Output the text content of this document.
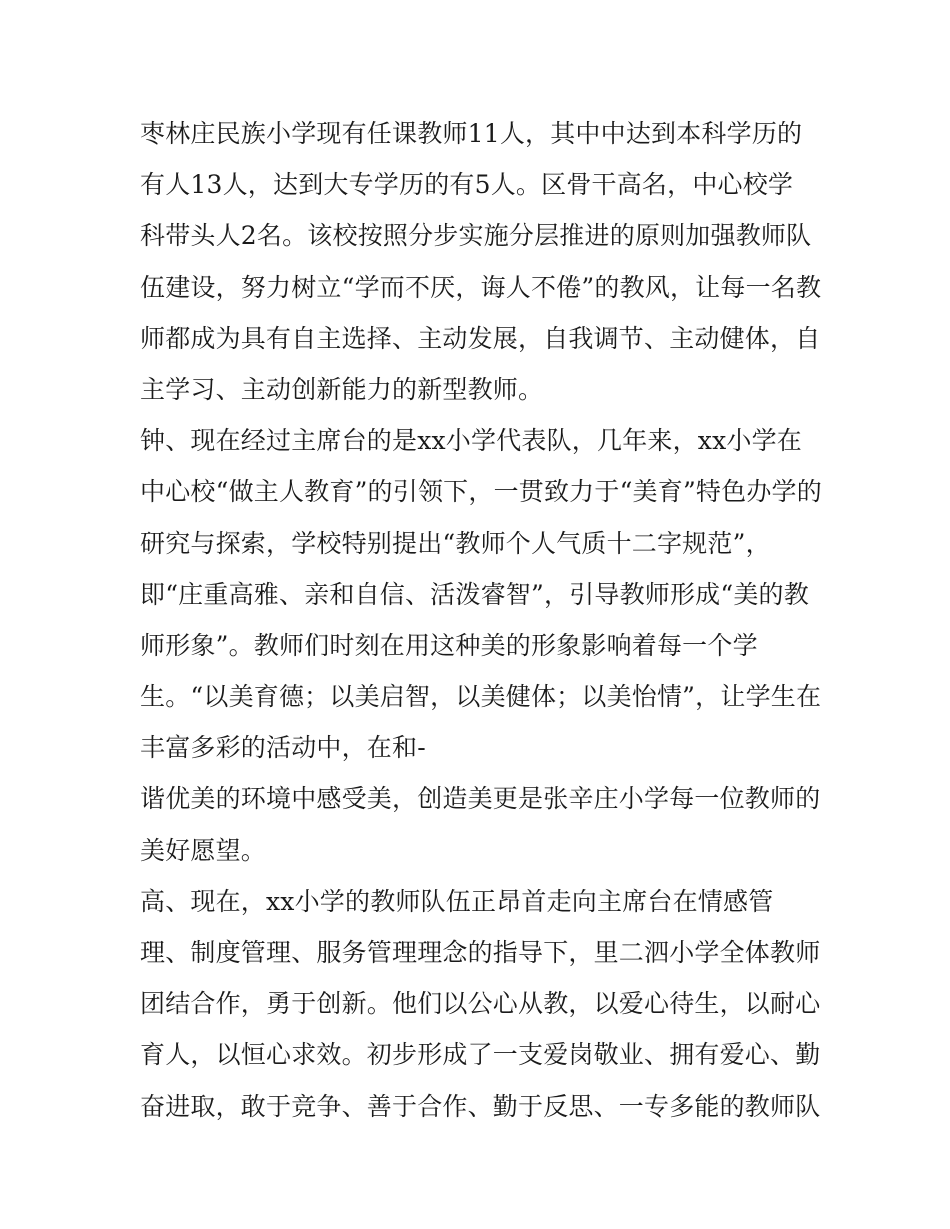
枣林庄民族小学现有任课教师11人，其中中达到本科学历的
有人13人，达到大专学历的有5人。区骨干高名，中心校学
科带头人2名。该校按照分步实施分层推进的原则加强教师队
伍建设，努力树立“学而不厌，诲人不倦”的教风，让每一名教
师都成为具有自主选择、主动发展，自我调节、主动健体，自
主学习、主动创新能力的新型教师。
钟、现在经过主席台的是xx小学代表队，几年来，xx小学在
中心校“做主人教育”的引领下，一贯致力于“美育”特色办学的
研究与探索，学校特别提出“教师个人气质十二字规范”，
即“庄重高雅、亲和自信、活泼睿智”，引导教师形成“美的教
师形象”。教师们时刻在用这种美的形象影响着每一个学
生。“以美育德；以美启智，以美健体；以美怡情”，让学生在
丰富多彩的活动中，在和-
谐优美的环境中感受美，创造美更是张辛庄小学每一位教师的
美好愿望。
高、现在，xx小学的教师队伍正昂首走向主席台在情感管
理、制度管理、服务管理理念的指导下，里二泗小学全体教师
团结合作，勇于创新。他们以公心从教，以爱心待生，以耐心
育人，以恒心求效。初步形成了一支爱岗敬业、拥有爱心、勤
奋进取，敢于竞争、善于合作、勤于反思、一专多能的教师队
